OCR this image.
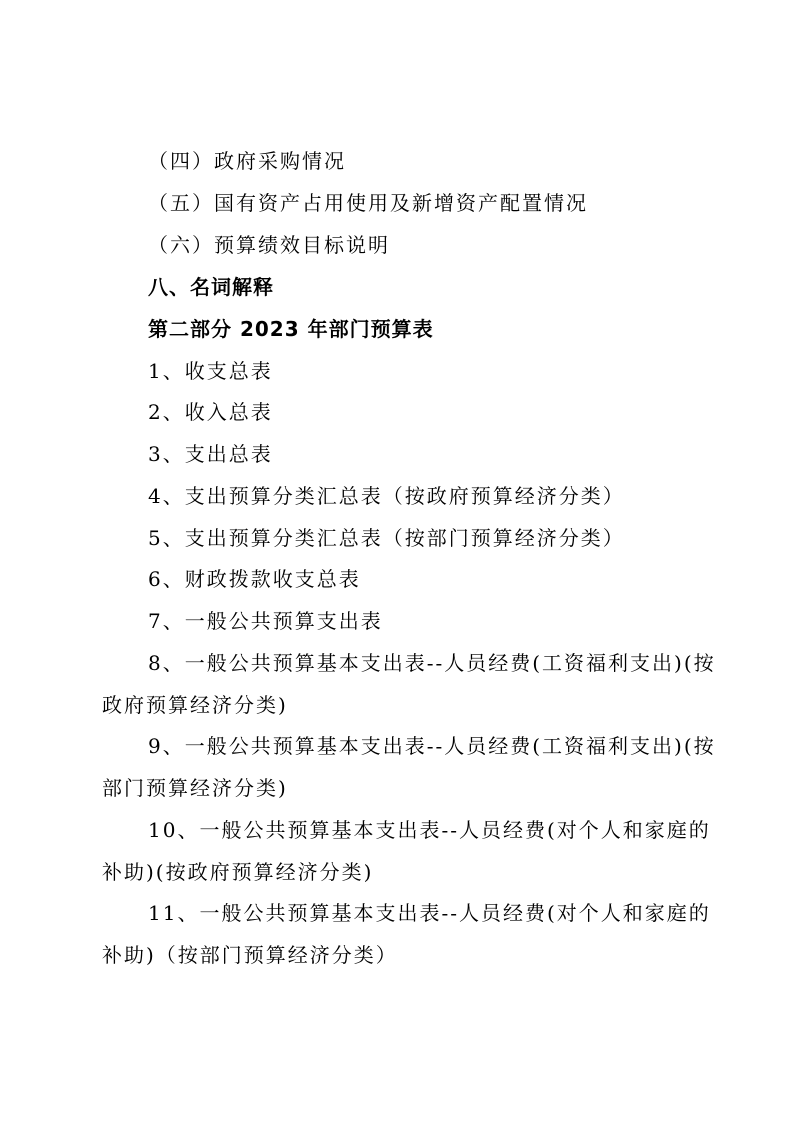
（四）政府采购情况
（五）国有资产占用使用及新增资产配置情况
（六）预算绩效目标说明
八、名词解释
第二部分 2023 年部门预算表
1、收支总表
2、收入总表
3、支出总表
4、支出预算分类汇总表（按政府预算经济分类）
5、支出预算分类汇总表（按部门预算经济分类）
6、财政拨款收支总表
7、一般公共预算支出表
8、一般公共预算基本支出表--人员经费(工资福利支出)(按
政府预算经济分类)
9、一般公共预算基本支出表--人员经费(工资福利支出)(按
部门预算经济分类)
10、一般公共预算基本支出表--人员经费(对个人和家庭的
补助)(按政府预算经济分类)
11、一般公共预算基本支出表--人员经费(对个人和家庭的
补助)（按部门预算经济分类）
